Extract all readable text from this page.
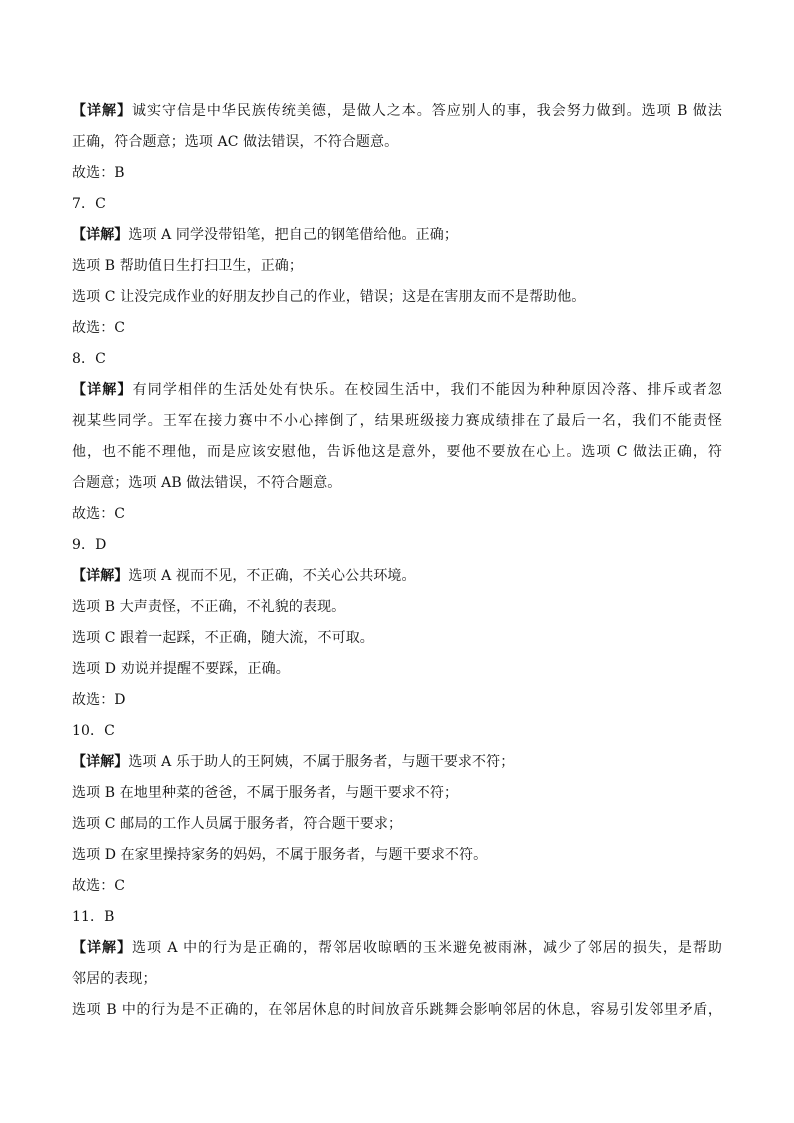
【详解】诚实守信是中华民族传统美德，是做人之本。答应别人的事，我会努力做到。选项 B 做法
正确，符合题意；选项 AC 做法错误，不符合题意。
故选：B
7．C
【详解】选项 A 同学没带铅笔，把自己的钢笔借给他。正确；
选项 B 帮助值日生打扫卫生，正确；
选项 C 让没完成作业的好朋友抄自己的作业，错误；这是在害朋友而不是帮助他。
故选：C
8．C
【详解】有同学相伴的生活处处有快乐。在校园生活中，我们不能因为种种原因冷落、排斥或者忽
视某些同学。王军在接力赛中不小心摔倒了，结果班级接力赛成绩排在了最后一名，我们不能责怪
他，也不能不理他，而是应该安慰他，告诉他这是意外，要他不要放在心上。选项 C 做法正确，符
合题意；选项 AB 做法错误，不符合题意。
故选：C
9．D
【详解】选项 A 视而不见，不正确，不关心公共环境。
选项 B 大声责怪，不正确，不礼貌的表现。
选项 C 跟着一起踩，不正确，随大流，不可取。
选项 D 劝说并提醒不要踩，正确。
故选：D
10．C
【详解】选项 A 乐于助人的王阿姨，不属于服务者，与题干要求不符；
选项 B 在地里种菜的爸爸，不属于服务者，与题干要求不符；
选项 C 邮局的工作人员属于服务者，符合题干要求；
选项 D 在家里操持家务的妈妈，不属于服务者，与题干要求不符。
故选：C
11．B
【详解】选项 A 中的行为是正确的，帮邻居收晾晒的玉米避免被雨淋，减少了邻居的损失，是帮助
邻居的表现；
选项 B 中的行为是不正确的，在邻居休息的时间放音乐跳舞会影响邻居的休息，容易引发邻里矛盾，
